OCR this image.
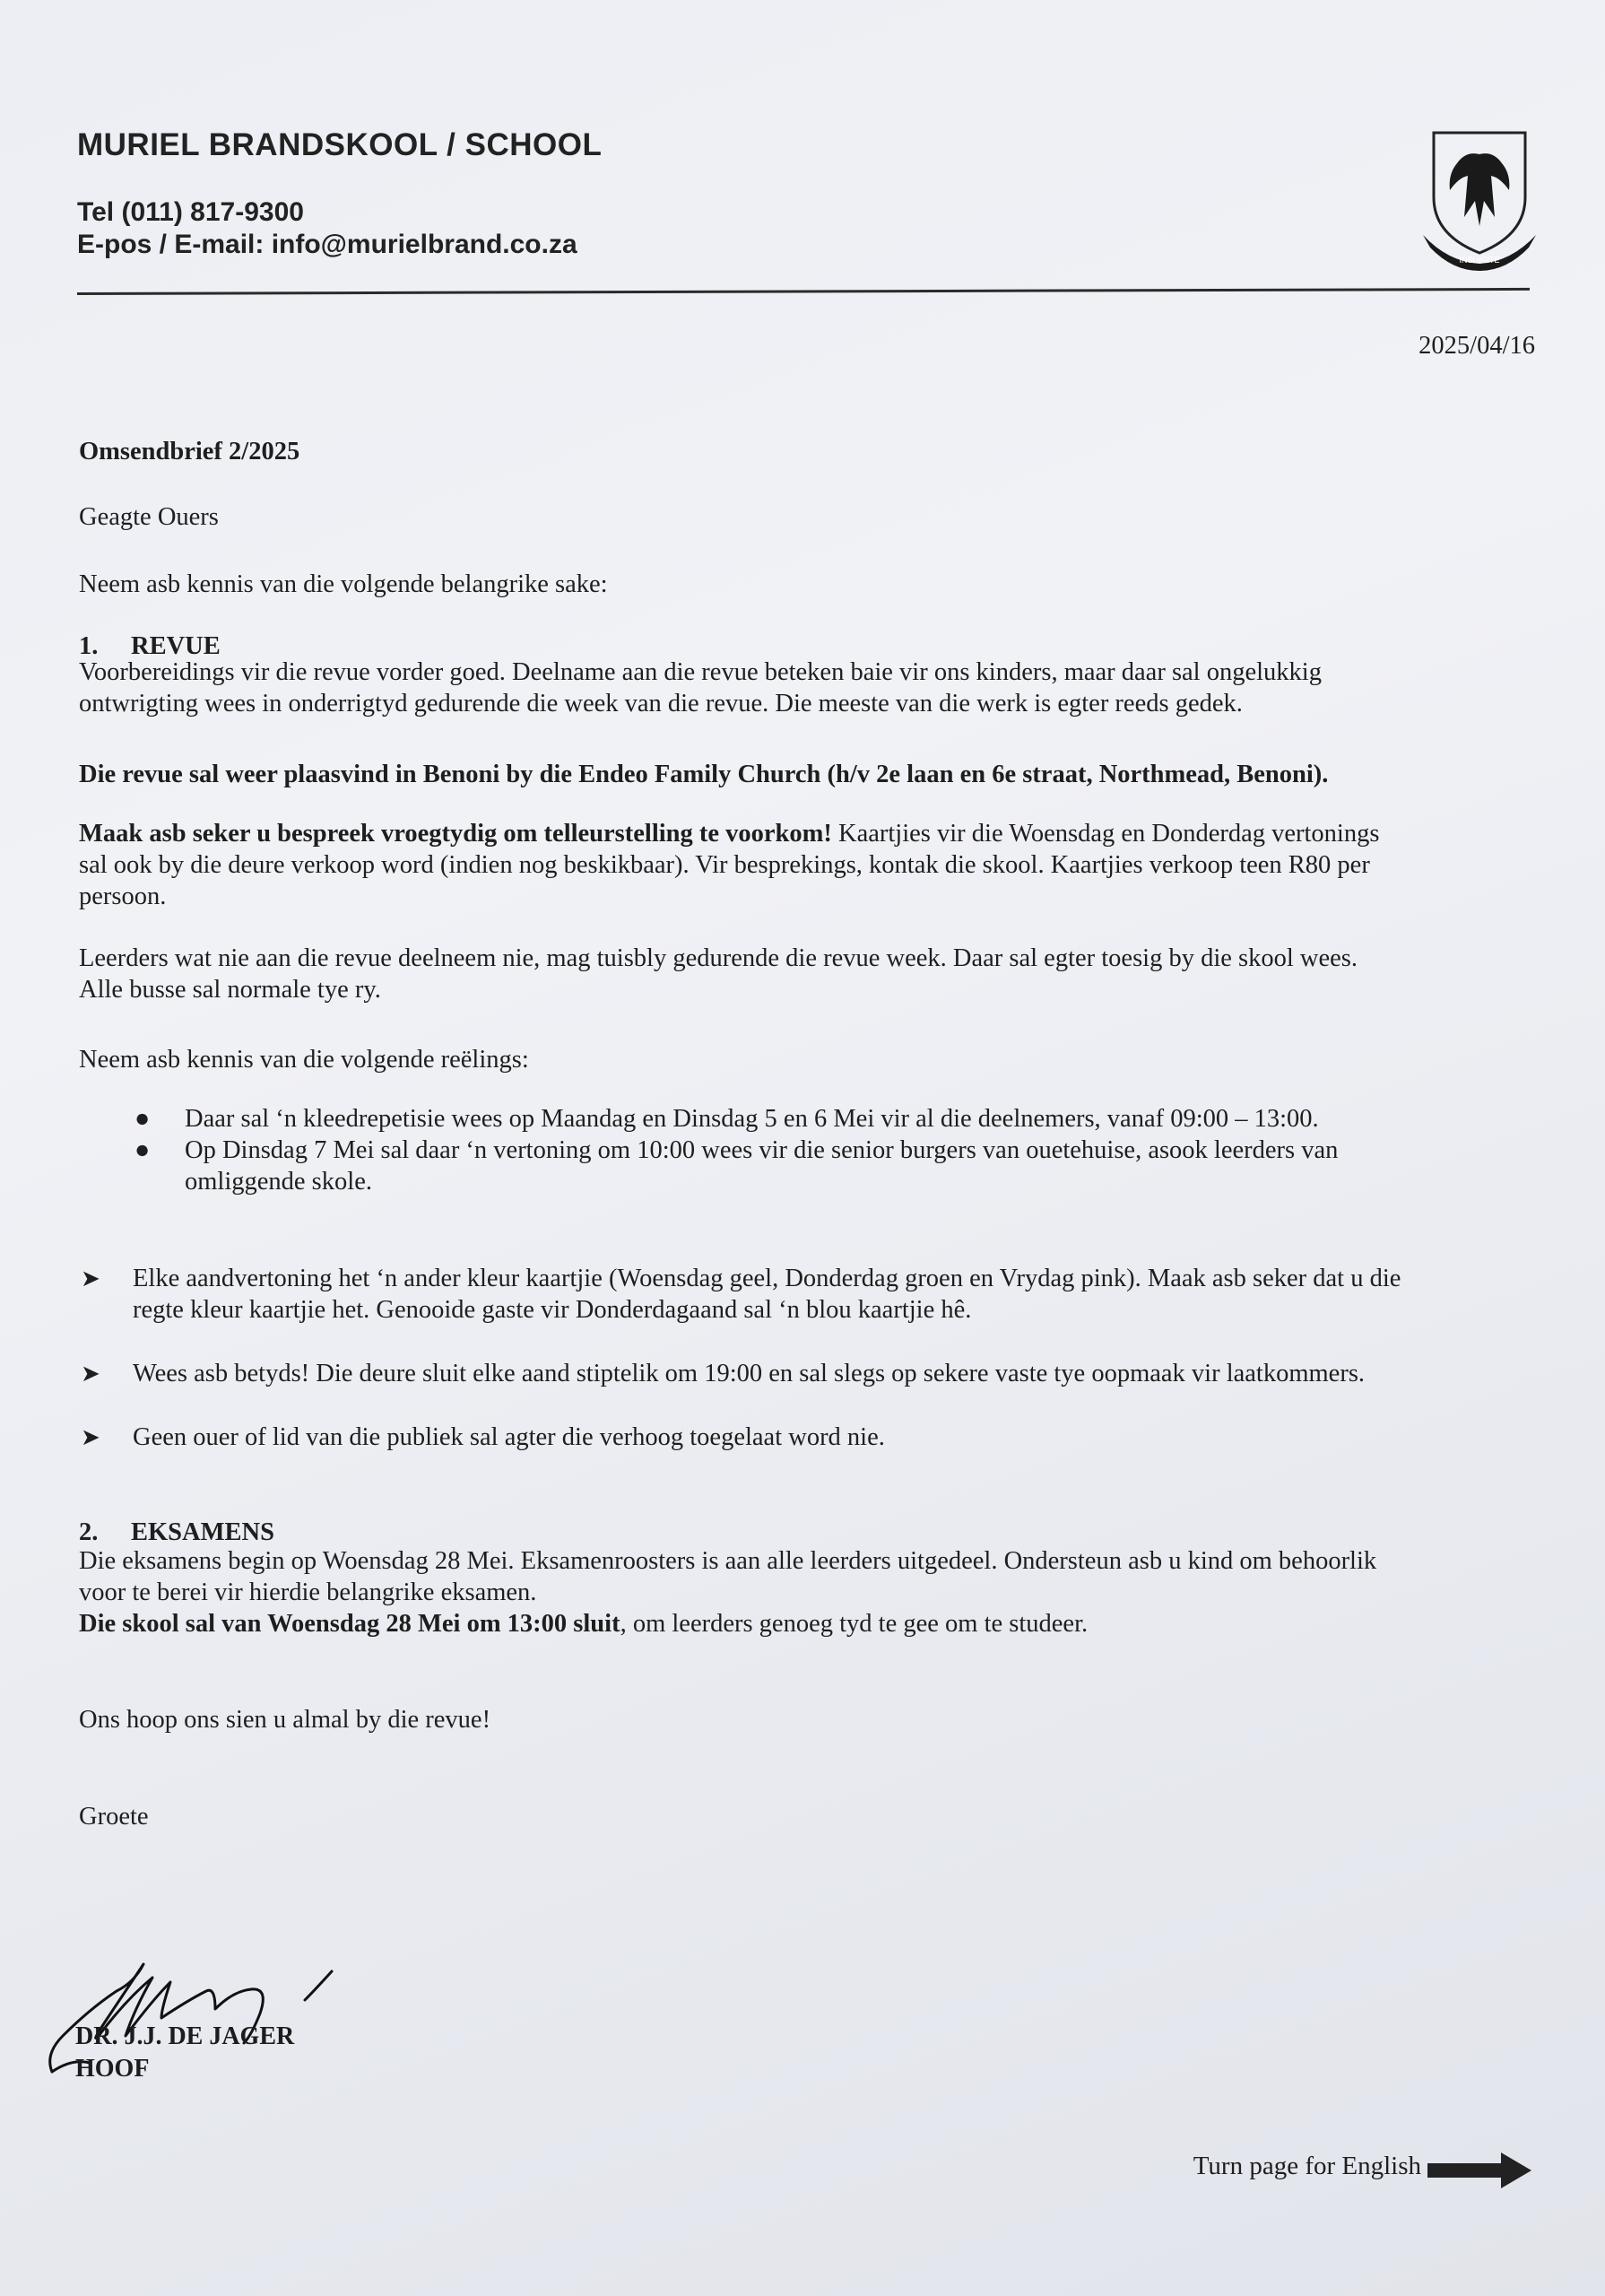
MURIEL BRANDSKOOL / SCHOOL
Tel (011) 817-9300
E-pos / E-mail: info@murielbrand.co.za
INSUIGITE
2025/04/16
Omsendbrief 2/2025
Geagte Ouers
Neem asb kennis van die volgende belangrike sake:
1. REVUE
Voorbereidings vir die revue vorder goed. Deelname aan die revue beteken baie vir ons kinders, maar daar sal ongelukkig
ontwrigting wees in onderrigtyd gedurende die week van die revue. Die meeste van die werk is egter reeds gedek.
Die revue sal weer plaasvind in Benoni by die Endeo Family Church (h/v 2e laan en 6e straat, Northmead, Benoni).
Maak asb seker u bespreek vroegtydig om telleurstelling te voorkom! Kaartjies vir die Woensdag en Donderdag vertonings
sal ook by die deure verkoop word (indien nog beskikbaar). Vir besprekings, kontak die skool. Kaartjies verkoop teen R80 per
persoon.
Leerders wat nie aan die revue deelneem nie, mag tuisbly gedurende die revue week. Daar sal egter toesig by die skool wees.
Alle busse sal normale tye ry.
Neem asb kennis van die volgende reëlings:
● Daar sal ‘n kleedrepetisie wees op Maandag en Dinsdag 5 en 6 Mei vir al die deelnemers, vanaf 09:00 – 13:00.
● Op Dinsdag 7 Mei sal daar ‘n vertoning om 10:00 wees vir die senior burgers van ouetehuise, asook leerders van
omliggende skole.
➤	Elke aandvertoning het ‘n ander kleur kaartjie (Woensdag geel, Donderdag groen en Vrydag pink). Maak asb seker dat u die
regte kleur kaartjie het. Genooide gaste vir Donderdagaand sal ‘n blou kaartjie hê.
➤	Wees asb betyds! Die deure sluit elke aand stiptelik om 19:00 en sal slegs op sekere vaste tye oopmaak vir laatkommers.
➤	Geen ouer of lid van die publiek sal agter die verhoog toegelaat word nie.
2. EKSAMENS
Die eksamens begin op Woensdag 28 Mei. Eksamenroosters is aan alle leerders uitgedeel. Ondersteun asb u kind om behoorlik
voor te berei vir hierdie belangrike eksamen.
Die skool sal van Woensdag 28 Mei om 13:00 sluit, om leerders genoeg tyd te gee om te studeer.
Ons hoop ons sien u almal by die revue!
Groete
DR. J.J. DE JAGER
HOOF
Turn page for English
